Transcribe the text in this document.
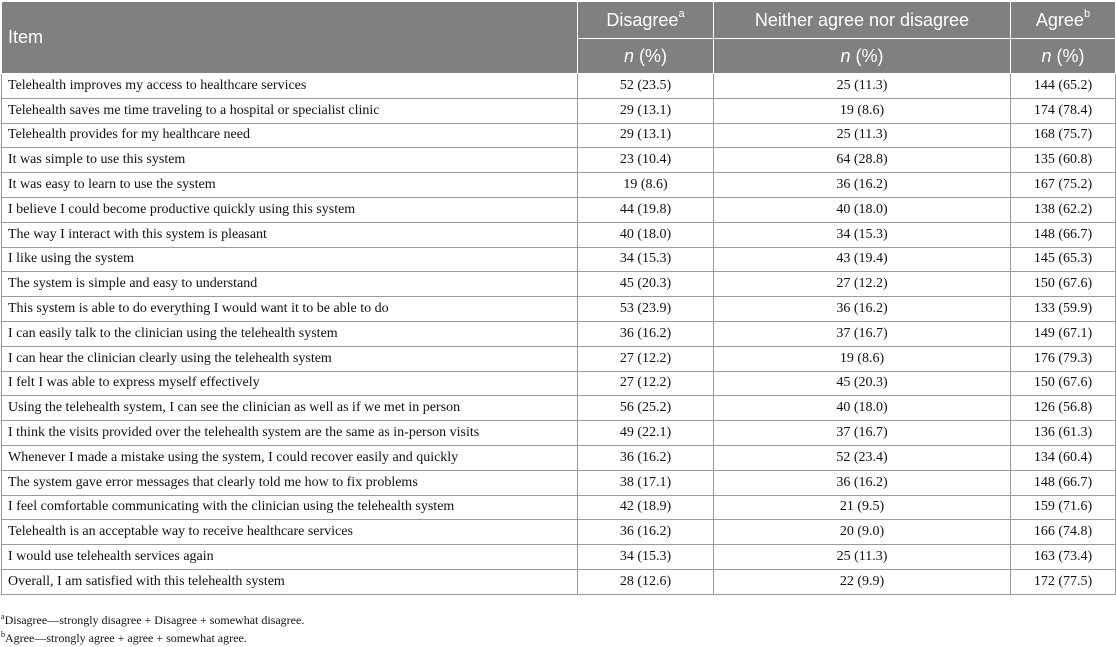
Item	Disagree$^a$	Neither agree nor disagree	Agree$^b$
	n (%)	n (%)	n (%)
Telehealth improves my access to healthcare services	52 (23.5)	25 (11.3)	144 (65.2)
Telehealth saves me time traveling to a hospital or specialist clinic	29 (13.1)	19 (8.6)	174 (78.4)
Telehealth provides for my healthcare need	29 (13.1)	25 (11.3)	168 (75.7)
It was simple to use this system	23 (10.4)	64 (28.8)	135 (60.8)
It was easy to learn to use the system	19 (8.6)	36 (16.2)	167 (75.2)
I believe I could become productive quickly using this system	44 (19.8)	40 (18.0)	138 (62.2)
The way I interact with this system is pleasant	40 (18.0)	34 (15.3)	148 (66.7)
I like using the system	34 (15.3)	43 (19.4)	145 (65.3)
The system is simple and easy to understand	45 (20.3)	27 (12.2)	150 (67.6)
This system is able to do everything I would want it to be able to do	53 (23.9)	36 (16.2)	133 (59.9)
I can easily talk to the clinician using the telehealth system	36 (16.2)	37 (16.7)	149 (67.1)
I can hear the clinician clearly using the telehealth system	27 (12.2)	19 (8.6)	176 (79.3)
I felt I was able to express myself effectively	27 (12.2)	45 (20.3)	150 (67.6)
Using the telehealth system, I can see the clinician as well as if we met in person	56 (25.2)	40 (18.0)	126 (56.8)
I think the visits provided over the telehealth system are the same as in-person visits	49 (22.1)	37 (16.7)	136 (61.3)
Whenever I made a mistake using the system, I could recover easily and quickly	36 (16.2)	52 (23.4)	134 (60.4)
The system gave error messages that clearly told me how to fix problems	38 (17.1)	36 (16.2)	148 (66.7)
I feel comfortable communicating with the clinician using the telehealth system	42 (18.9)	21 (9.5)	159 (71.6)
Telehealth is an acceptable way to receive healthcare services	36 (16.2)	20 (9.0)	166 (74.8)
I would use telehealth services again	34 (15.3)	25 (11.3)	163 (73.4)
Overall, I am satisfied with this telehealth system	28 (12.6)	22 (9.9)	172 (77.5)
$^a$Disagree—strongly disagree + Disagree + somewhat disagree.
$^b$Agree—strongly agree + agree + somewhat agree.
